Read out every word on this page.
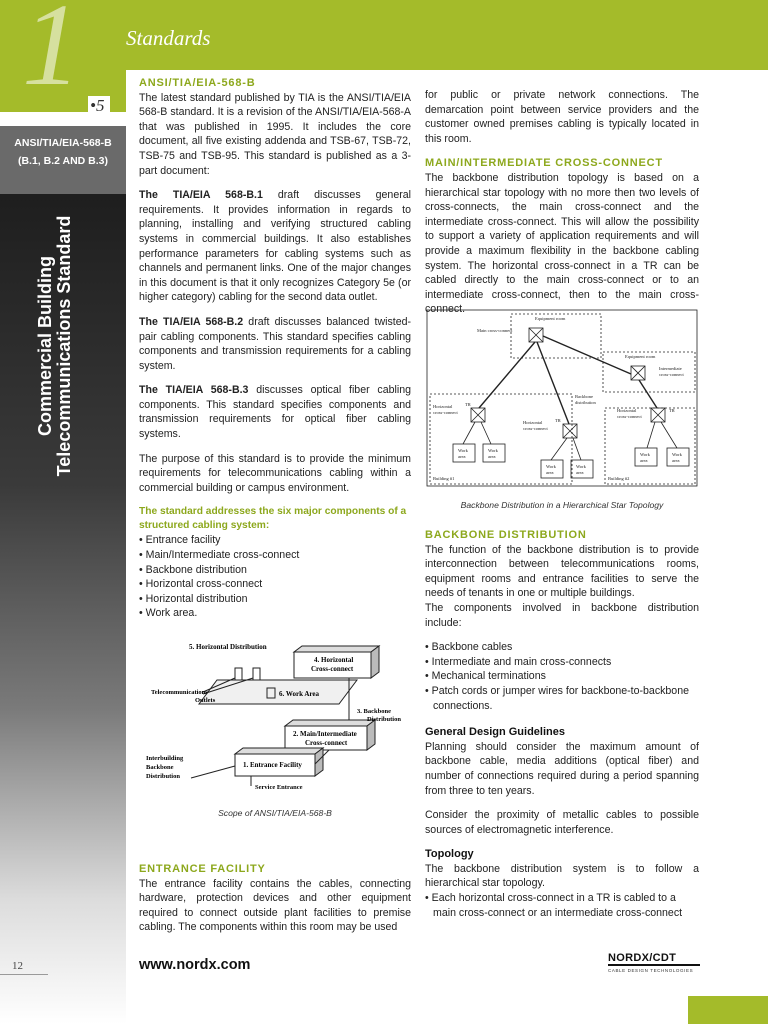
1 •5
ANSI/TIA/EIA-568-B
(B.1, B.2 AND B.3)
Commercial Building Telecommunications Standard
12
Standards
ANSI/TIA/EIA-568-B

The latest standard published by TIA is the ANSI/TIA/EIA 568-B standard. It is a revision of the ANSI/TIA/EIA-568-A that was published in 1995. It includes the core document, all five existing addenda and TSB-67, TSB-72, TSB-75 and TSB-95. This standard is published as a 3-part document:

The TIA/EIA 568-B.1 draft discusses general requirements. It provides information in regards to planning, installing and verifying structured cabling systems in commercial buildings. It also establishes performance parameters for cabling systems such as channels and permanent links. One of the major changes in this document is that it only recognizes Category 5e (or higher category) cabling for the second data outlet.

The TIA/EIA 568-B.2 draft discusses balanced twisted-pair cabling components. This standard specifies cabling components and transmission requirements for a cabling system.

The TIA/EIA 568-B.3 discusses optical fiber cabling components. This standard specifies components and transmission requirements for optical fiber cabling systems.

The purpose of this standard is to provide the minimum requirements for telecommunications cabling within a commercial building or campus environment.

The standard addresses the six major components of a structured cabling system:
• Entrance facility
• Main/Intermediate cross-connect
• Backbone distribution
• Horizontal cross-connect
• Horizontal distribution
• Work area.
5. Horizontal Distribution
4. Horizontal
Cross-connect
Telecommunications
Outlets
6. Work Area
3. Backbone
Distribution
2. Main/Intermediate
Cross-connect
Interbuilding
Backbone
Distribution
1. Entrance Facility
Service Entrance
Scope of ANSI/TIA/EIA-568-B
ENTRANCE FACILITY

The entrance facility contains the cables, connecting hardware, protection devices and other equipment required to connect outside plant facilities to premise cabling. The components within this room may be used

for public or private network connections. The demarcation point between service providers and the customer owned premises cabling is typically located in this room.

MAIN/INTERMEDIATE CROSS-CONNECT

The backbone distribution topology is based on a hierarchical star topology with no more then two levels of cross-connects, the main cross-connect and the intermediate cross-connect. This will allow the possibility to support a variety of application requirements and will provide a maximum flexibility in the backbone cabling system. The horizontal cross-connect in a TR can be cabled directly to the main cross-connect or to an intermediate cross-connect, then to the main cross-connect.

Equipment room
Main cross-connect
Equipment room
Intermediate
cross-connect
Backbone
distribution
TR
TR
TR
Horizontal
cross-connect
Horizontal
cross-connect
Horizontal
cross-connect
Work
area
Work
area
Work
area
Work
area
Work
area
Work
area
Building #1	Building #2
Backbone Distribution in a Hierarchical Star Topology
BACKBONE DISTRIBUTION

The function of the backbone distribution is to provide interconnection between telecommunications rooms, equipment rooms and entrance facilities to serve the needs of tenants in one or multiple buildings.

The components involved in backbone distribution include:

• Backbone cables
• Intermediate and main cross-connects
• Mechanical terminations
• Patch cords or jumper wires for backbone-to-backbone connections.
General Design Guidelines

Planning should consider the maximum amount of backbone cable, media additions (optical fiber) and number of connections required during a period spanning from three to ten years.

Consider the proximity of metallic cables to possible sources of electromagnetic interference.

Topology

The backbone distribution system is to follow a hierarchical star topology.

• Each horizontal cross-connect in a TR is cabled to a main cross-connect or an intermediate cross-connect
www.nordx.com	NORDX/CDT
CABLE DESIGN TECHNOLOGIES
